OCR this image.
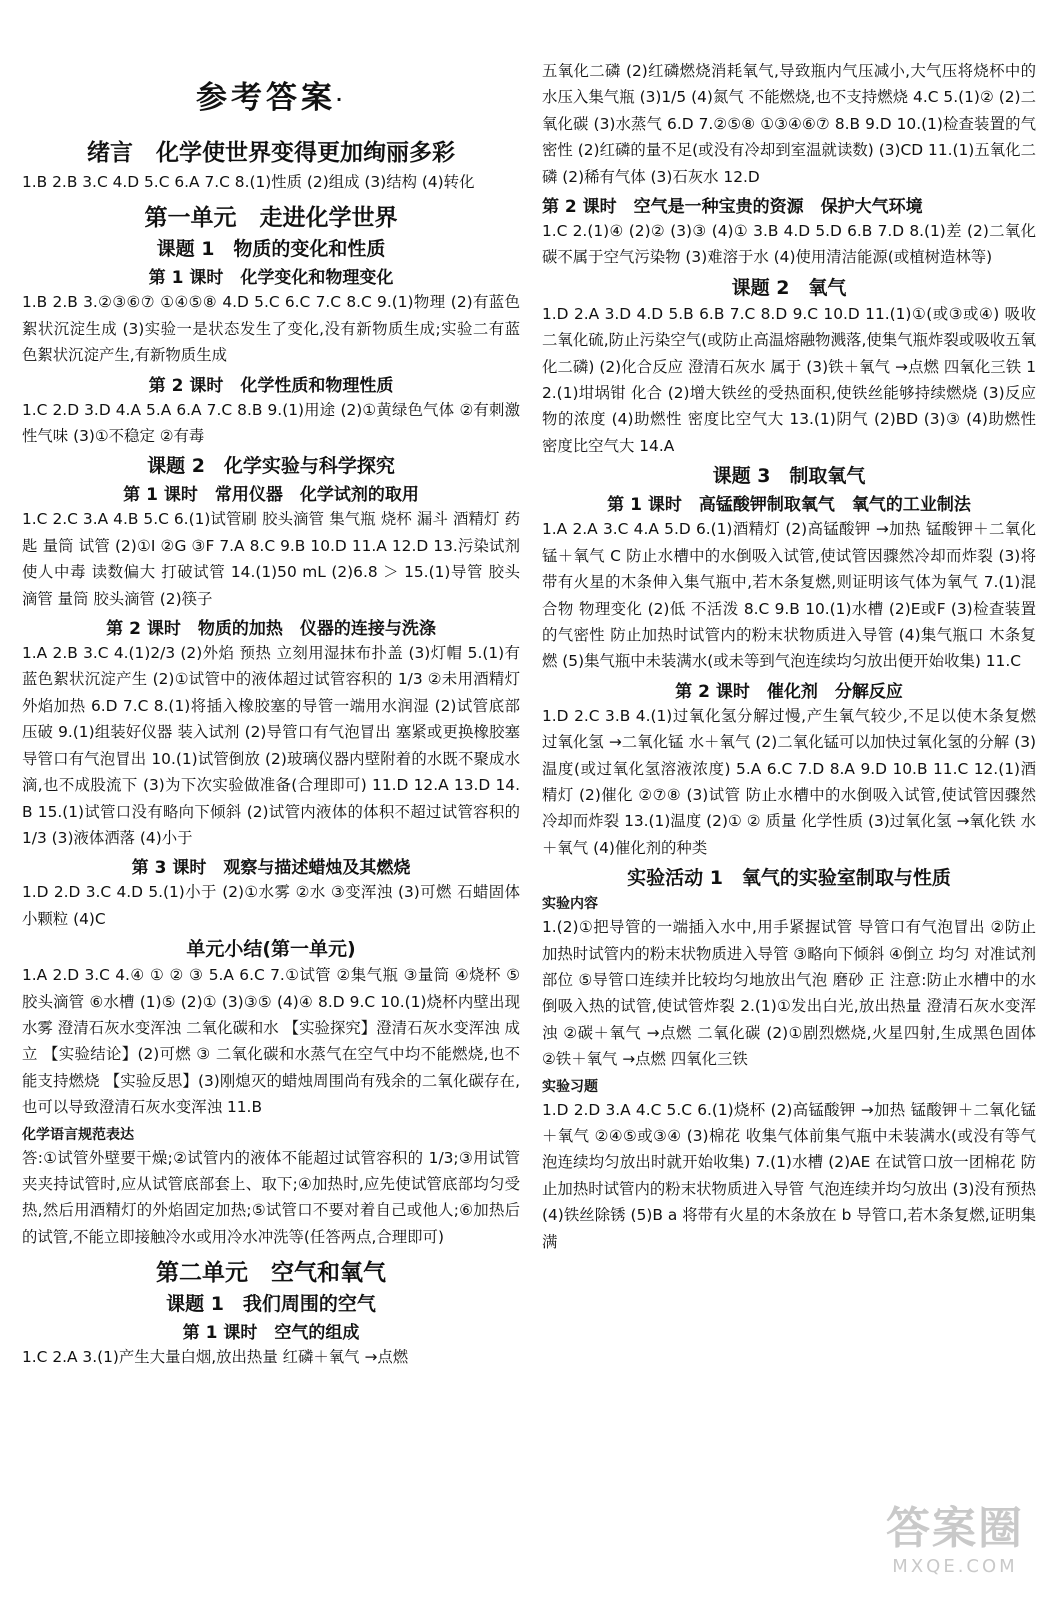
参考答案·
绪言　化学使世界变得更加绚丽多彩
1.B 2.B 3.C 4.D 5.C 6.A 7.C 8.(1)性质 (2)组成 (3)结构 (4)转化
第一单元　走进化学世界
课题 1　物质的变化和性质
第 1 课时　化学变化和物理变化
1.B 2.B 3.②③⑥⑦ ①④⑤⑧ 4.D 5.C 6.C 7.C 8.C 9.(1)物理 (2)有蓝色絮状沉淀生成 (3)实验一是状态发生了变化,没有新物质生成;实验二有蓝色絮状沉淀产生,有新物质生成
第 2 课时　化学性质和物理性质
1.C 2.D 3.D 4.A 5.A 6.A 7.C 8.B 9.(1)用途 (2)①黄绿色气体 ②有刺激性气味 (3)①不稳定 ②有毒
课题 2　化学实验与科学探究
第 1 课时　常用仪器　化学试剂的取用
1.C 2.C 3.A 4.B 5.C 6.(1)试管刷 胶头滴管 集气瓶 烧杯 漏斗 酒精灯 药匙 量筒 试管 (2)①I ②G ③F 7.A 8.C 9.B 10.D 11.A 12.D 13.污染试剂 使人中毒 读数偏大 打破试管 14.(1)50 mL (2)6.8 ＞ 15.(1)导管 胶头滴管 量筒 胶头滴管 (2)筷子
第 2 课时　物质的加热　仪器的连接与洗涤
1.A 2.B 3.C 4.(1)2/3 (2)外焰 预热 立刻用湿抹布扑盖 (3)灯帽 5.(1)有蓝色絮状沉淀产生 (2)①试管中的液体超过试管容积的 1/3 ②未用酒精灯外焰加热 6.D 7.C 8.(1)将插入橡胶塞的导管一端用水润湿 (2)试管底部压破 9.(1)组装好仪器 装入试剂 (2)导管口有气泡冒出 塞紧或更换橡胶塞 导管口有气泡冒出 10.(1)试管倒放 (2)玻璃仪器内壁附着的水既不聚成水滴,也不成股流下 (3)为下次实验做准备(合理即可) 11.D 12.A 13.D 14.B 15.(1)试管口没有略向下倾斜 (2)试管内液体的体积不超过试管容积的 1/3 (3)液体洒落 (4)小于
第 3 课时　观察与描述蜡烛及其燃烧
1.D 2.D 3.C 4.D 5.(1)小于 (2)①水雾 ②水 ③变浑浊 (3)可燃 石蜡固体小颗粒 (4)C
单元小结(第一单元)
1.A 2.D 3.C 4.④ ① ② ③ 5.A 6.C 7.①试管 ②集气瓶 ③量筒 ④烧杯 ⑤胶头滴管 ⑥水槽 (1)⑤ (2)① (3)③⑤ (4)④ 8.D 9.C 10.(1)烧杯内壁出现水雾 澄清石灰水变浑浊 二氧化碳和水 【实验探究】澄清石灰水变浑浊 成立 【实验结论】(2)可燃 ③ 二氧化碳和水蒸气在空气中均不能燃烧,也不能支持燃烧 【实验反思】(3)刚熄灭的蜡烛周围尚有残余的二氧化碳存在,也可以导致澄清石灰水变浑浊 11.B
化学语言规范表达
答:①试管外壁要干燥;②试管内的液体不能超过试管容积的 1/3;③用试管夹夹持试管时,应从试管底部套上、取下;④加热时,应先使试管底部均匀受热,然后用酒精灯的外焰固定加热;⑤试管口不要对着自己或他人;⑥加热后的试管,不能立即接触冷水或用冷水冲洗等(任答两点,合理即可)
第二单元　空气和氧气
课题 1　我们周围的空气
第 1 课时　空气的组成
1.C 2.A 3.(1)产生大量白烟,放出热量 红磷＋氧气 →点燃
五氧化二磷 (2)红磷燃烧消耗氧气,导致瓶内气压减小,大气压将烧杯中的水压入集气瓶 (3)1/5 (4)氮气 不能燃烧,也不支持燃烧 4.C 5.(1)② (2)二氧化碳 (3)水蒸气 6.D 7.②⑤⑧ ①③④⑥⑦ 8.B 9.D 10.(1)检查装置的气密性 (2)红磷的量不足(或没有冷却到室温就读数) (3)CD 11.(1)五氧化二磷 (2)稀有气体 (3)石灰水 12.D
第 2 课时　空气是一种宝贵的资源　保护大气环境
1.C 2.(1)④ (2)② (3)③ (4)① 3.B 4.D 5.D 6.B 7.D 8.(1)差 (2)二氧化碳不属于空气污染物 (3)难溶于水 (4)使用清洁能源(或植树造林等)
课题 2　氧气
1.D 2.A 3.D 4.D 5.B 6.B 7.C 8.D 9.C 10.D 11.(1)①(或③或④) 吸收二氧化硫,防止污染空气(或防止高温熔融物溅落,使集气瓶炸裂或吸收五氧化二磷) (2)化合反应 澄清石灰水 属于 (3)铁＋氧气 →点燃 四氧化三铁 12.(1)坩埚钳 化合 (2)增大铁丝的受热面积,使铁丝能够持续燃烧 (3)反应物的浓度 (4)助燃性 密度比空气大 13.(1)阴气 (2)BD (3)③ (4)助燃性 密度比空气大 14.A
课题 3　制取氧气
第 1 课时　高锰酸钾制取氧气　氧气的工业制法
1.A 2.A 3.C 4.A 5.D 6.(1)酒精灯 (2)高锰酸钾 →加热 锰酸钾＋二氧化锰＋氧气 C 防止水槽中的水倒吸入试管,使试管因骤然冷却而炸裂 (3)将带有火星的木条伸入集气瓶中,若木条复燃,则证明该气体为氧气 7.(1)混合物 物理变化 (2)低 不活泼 8.C 9.B 10.(1)水槽 (2)E或F (3)检查装置的气密性 防止加热时试管内的粉末状物质进入导管 (4)集气瓶口 木条复燃 (5)集气瓶中未装满水(或未等到气泡连续均匀放出便开始收集) 11.C
第 2 课时　催化剂　分解反应
1.D 2.C 3.B 4.(1)过氧化氢分解过慢,产生氧气较少,不足以使木条复燃 过氧化氢 →二氧化锰 水＋氧气 (2)二氧化锰可以加快过氧化氢的分解 (3)温度(或过氧化氢溶液浓度) 5.A 6.C 7.D 8.A 9.D 10.B 11.C 12.(1)酒精灯 (2)催化 ②⑦⑧ (3)试管 防止水槽中的水倒吸入试管,使试管因骤然冷却而炸裂 13.(1)温度 (2)① ② 质量 化学性质 (3)过氧化氢 →氧化铁 水＋氧气 (4)催化剂的种类
实验活动 1　氧气的实验室制取与性质
实验内容
1.(2)①把导管的一端插入水中,用手紧握试管 导管口有气泡冒出 ②防止加热时试管内的粉末状物质进入导管 ③略向下倾斜 ④倒立 均匀 对准试剂部位 ⑤导管口连续并比较均匀地放出气泡 磨砂 正 注意:防止水槽中的水倒吸入热的试管,使试管炸裂 2.(1)①发出白光,放出热量 澄清石灰水变浑浊 ②碳＋氧气 →点燃 二氧化碳 (2)①剧烈燃烧,火星四射,生成黑色固体 ②铁＋氧气 →点燃 四氧化三铁
实验习题
1.D 2.D 3.A 4.C 5.C 6.(1)烧杯 (2)高锰酸钾 →加热 锰酸钾＋二氧化锰＋氧气 ②④⑤或③④ (3)棉花 收集气体前集气瓶中未装满水(或没有等气泡连续均匀放出时就开始收集) 7.(1)水槽 (2)AE 在试管口放一团棉花 防止加热时试管内的粉末状物质进入导管 气泡连续并均匀放出 (3)没有预热 (4)铁丝除锈 (5)B a 将带有火星的木条放在 b 导管口,若木条复燃,证明集满
答案圈
MXQE.COM
